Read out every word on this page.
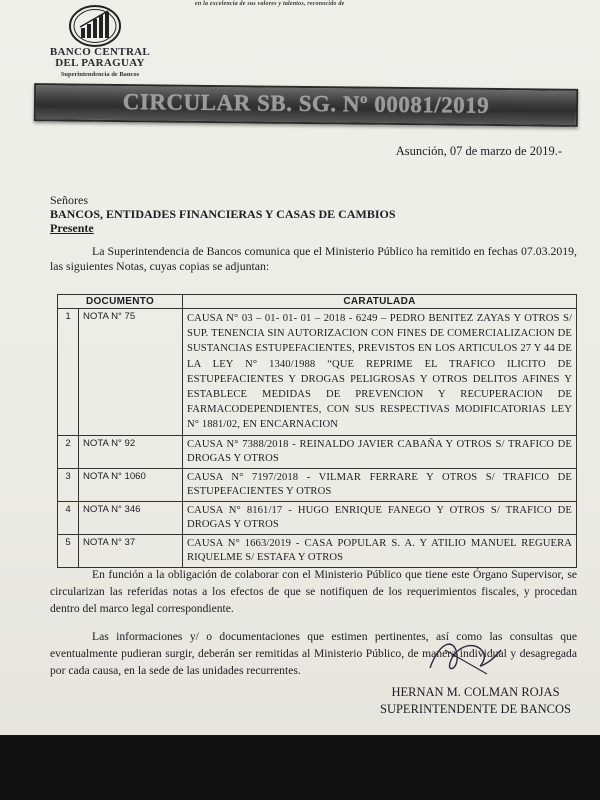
en la excelencia de sus valores y talentos, reconocido de
BANCO CENTRAL
DEL PARAGUAY
Superintendencia de Bancos
CIRCULAR SB. SG. Nº 00081/2019
Asunción, 07 de marzo de 2019.-
Señores
BANCOS, ENTIDADES FINANCIERAS Y CASAS DE CAMBIOS
Presente
La Superintendencia de Bancos comunica que el Ministerio Público ha remitido en fechas 07.03.2019, las siguientes Notas, cuyas copias se adjuntan:
DOCUMENTO		CARATULADA
1	NOTA N° 75	CAUSA N° 03 – 01- 01- 01 – 2018 - 6249 – PEDRO BENITEZ ZAYAS Y OTROS S/ SUP. TENENCIA SIN AUTORIZACION CON FINES DE COMERCIALIZACION DE SUSTANCIAS ESTUPEFACIENTES, PREVISTOS EN LOS ARTICULOS 27 Y 44 DE LA LEY N° 1340/1988 “QUE REPRIME EL TRAFICO ILICITO DE ESTUPEFACIENTES Y DROGAS PELIGROSAS Y OTROS DELITOS AFINES Y ESTABLECE MEDIDAS DE PREVENCION Y RECUPERACION DE FARMACODEPENDIENTES, CON SUS RESPECTIVAS MODIFICATORIAS LEY N° 1881/02, EN ENCARNACION
2	NOTA N° 92	CAUSA N° 7388/2018 - REINALDO JAVIER CABAÑA Y OTROS S/ TRAFICO DE DROGAS Y OTROS
3	NOTA N° 1060	CAUSA N° 7197/2018 - VILMAR FERRARE Y OTROS S/ TRAFICO DE ESTUPEFACIENTES Y OTROS
4	NOTA N° 346	CAUSA N° 8161/17 - HUGO ENRIQUE FANEGO Y OTROS S/ TRAFICO DE DROGAS Y OTROS
5	NOTA N° 37	CAUSA N° 1663/2019 - CASA POPULAR S. A. Y ATILIO MANUEL REGUERA RIQUELME S/ ESTAFA Y OTROS
En función a la obligación de colaborar con el Ministerio Público que tiene este Órgano Supervisor, se circularizan las referidas notas a los efectos de que se notifiquen de los requerimientos fiscales, y procedan dentro del marco legal correspondiente.
Las informaciones y/ o documentaciones que estimen pertinentes, así como las consultas que eventualmente pudieran surgir, deberán ser remitidas al Ministerio Público, de manera individual y desagregada por cada causa, en la sede de las unidades recurrentes.
HERNAN M. COLMAN ROJAS
SUPERINTENDENTE DE BANCOS
